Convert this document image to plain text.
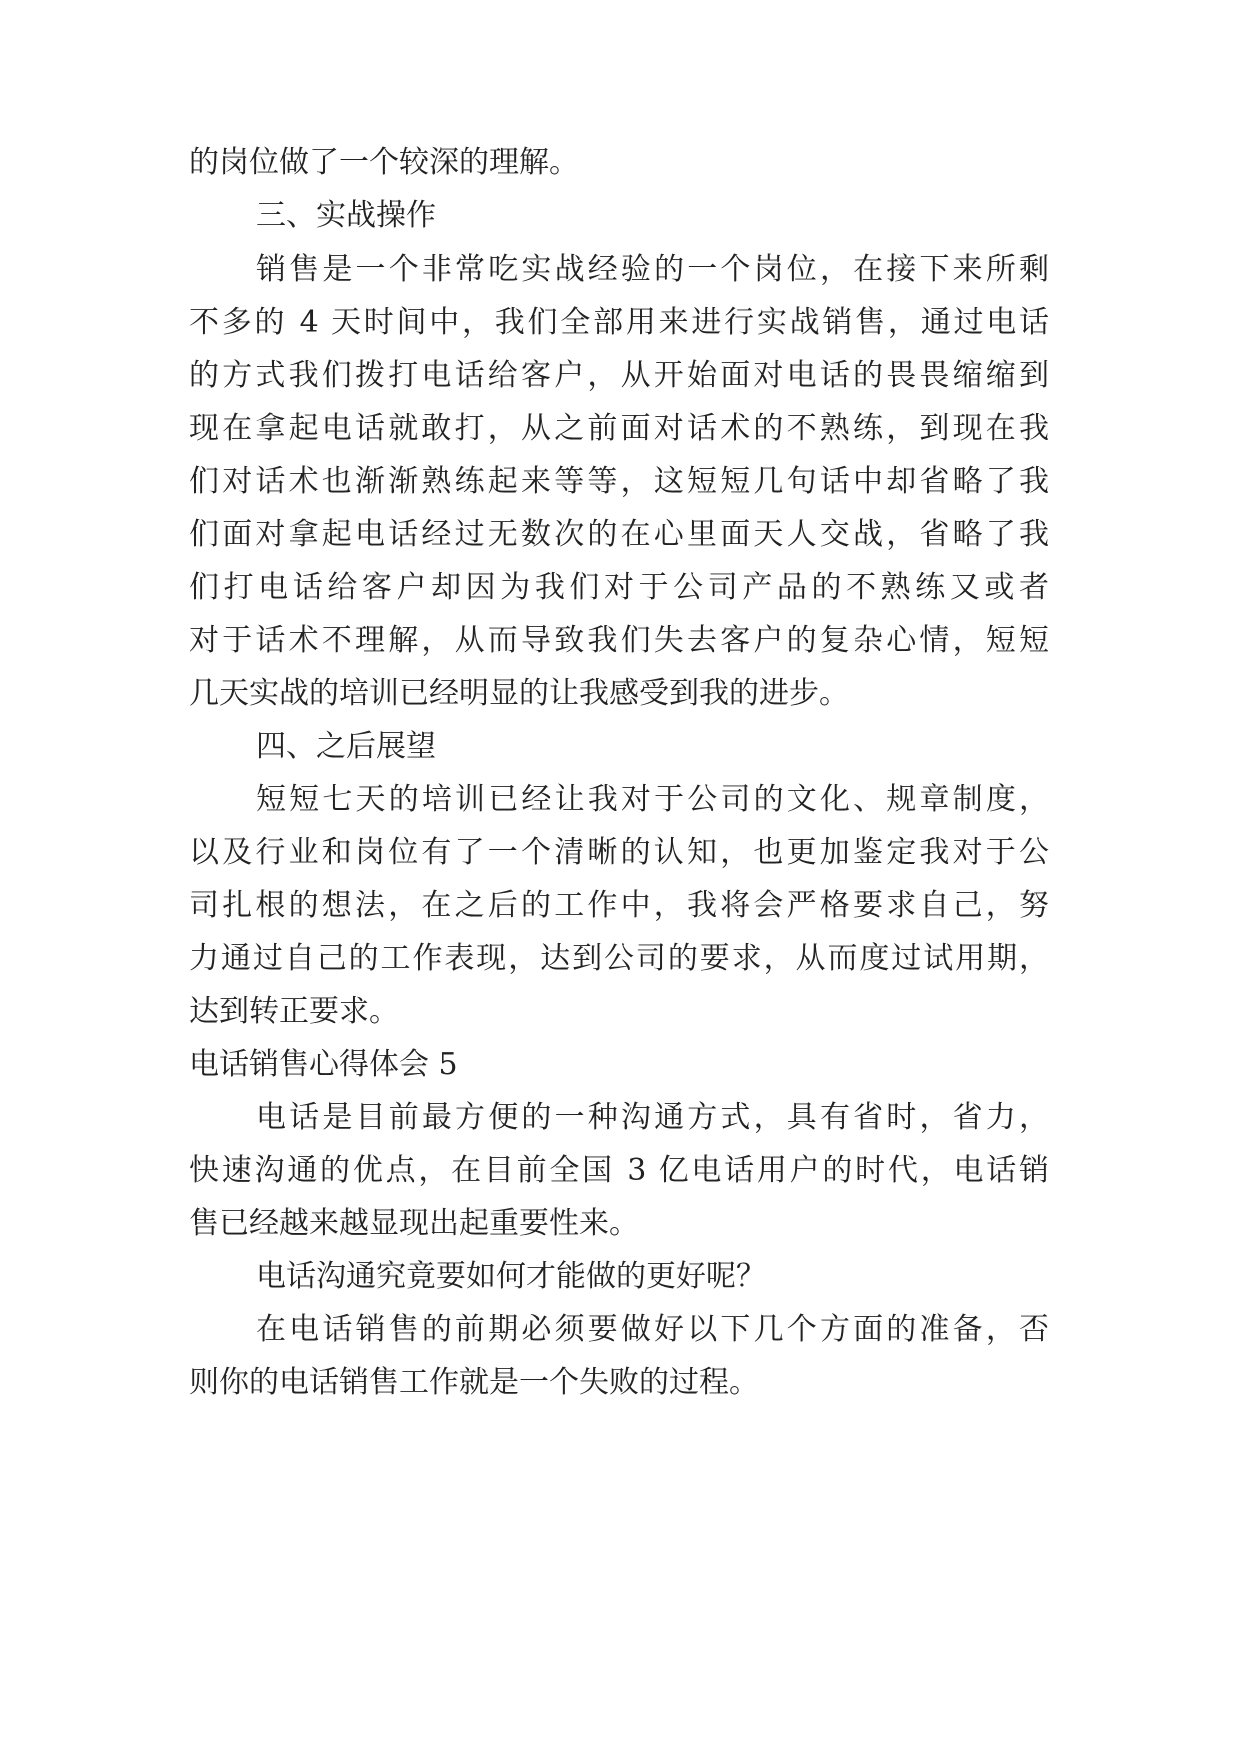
的岗位做了一个较深的理解。
三、实战操作
销售是一个非常吃实战经验的一个岗位，在接下来所剩
不多的 4 天时间中，我们全部用来进行实战销售，通过电话
的方式我们拨打电话给客户，从开始面对电话的畏畏缩缩到
现在拿起电话就敢打，从之前面对话术的不熟练，到现在我
们对话术也渐渐熟练起来等等，这短短几句话中却省略了我
们面对拿起电话经过无数次的在心里面天人交战，省略了我
们打电话给客户却因为我们对于公司产品的不熟练又或者
对于话术不理解，从而导致我们失去客户的复杂心情，短短
几天实战的培训已经明显的让我感受到我的进步。
四、之后展望
短短七天的培训已经让我对于公司的文化、规章制度，
以及行业和岗位有了一个清晰的认知，也更加鉴定我对于公
司扎根的想法，在之后的工作中，我将会严格要求自己，努
力通过自己的工作表现，达到公司的要求，从而度过试用期，
达到转正要求。
电话销售心得体会 5
电话是目前最方便的一种沟通方式，具有省时，省力，
快速沟通的优点，在目前全国 3 亿电话用户的时代，电话销
售已经越来越显现出起重要性来。
电话沟通究竟要如何才能做的更好呢？
在电话销售的前期必须要做好以下几个方面的准备，否
则你的电话销售工作就是一个失败的过程。
